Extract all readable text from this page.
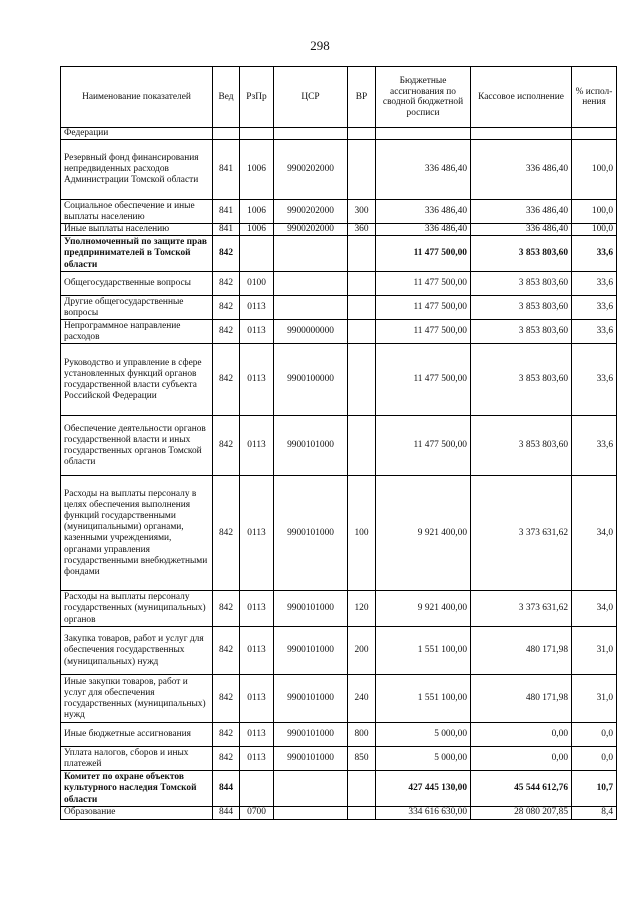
298
Наименование показателей	Вед	РзПр	ЦСР	ВР	Бюджетные ассигнования по сводной бюджетной росписи	Кассовое исполнение	% испол-нения
Федерации							
Резервный фонд финансирования непредвиденных расходов Администрации Томской области	841	1006	9900202000		336 486,40	336 486,40	100,0
Социальное обеспечение и иные выплаты населению	841	1006	9900202000	300	336 486,40	336 486,40	100,0
Иные выплаты населению	841	1006	9900202000	360	336 486,40	336 486,40	100,0
Уполномоченный по защите прав предпринимателей в Томской области	842				11 477 500,00	3 853 803,60	33,6
Общегосударственные вопросы	842	0100			11 477 500,00	3 853 803,60	33,6
Другие общегосударственные вопросы	842	0113			11 477 500,00	3 853 803,60	33,6
Непрограммное направление расходов	842	0113	9900000000		11 477 500,00	3 853 803,60	33,6
Руководство и управление в сфере установленных функций органов государственной власти субъекта Российской Федерации	842	0113	9900100000		11 477 500,00	3 853 803,60	33,6
Обеспечение деятельности органов государственной власти и иных государственных органов Томской области	842	0113	9900101000		11 477 500,00	3 853 803,60	33,6
Расходы на выплаты персоналу в целях обеспечения выполнения функций государственными (муниципальными) органами, казенными учреждениями, органами управления государственными внебюджетными фондами	842	0113	9900101000	100	9 921 400,00	3 373 631,62	34,0
Расходы на выплаты персоналу государственных (муниципальных) органов	842	0113	9900101000	120	9 921 400,00	3 373 631,62	34,0
Закупка товаров, работ и услуг для обеспечения государственных (муниципальных) нужд	842	0113	9900101000	200	1 551 100,00	480 171,98	31,0
Иные закупки товаров, работ и услуг для обеспечения государственных (муниципальных) нужд	842	0113	9900101000	240	1 551 100,00	480 171,98	31,0
Иные бюджетные ассигнования	842	0113	9900101000	800	5 000,00	0,00	0,0
Уплата налогов, сборов и иных платежей	842	0113	9900101000	850	5 000,00	0,00	0,0
Комитет по охране объектов культурного наследия Томской области	844				427 445 130,00	45 544 612,76	10,7
Образование	844	0700			334 616 630,00	28 080 207,85	8,4
